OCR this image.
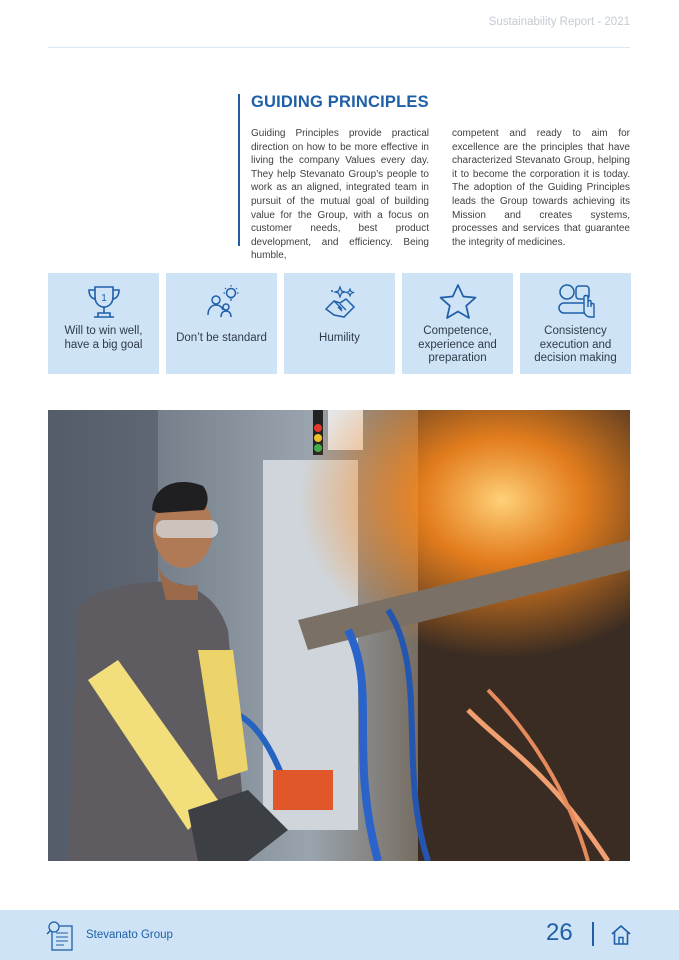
Sustainability Report - 2021
GUIDING PRINCIPLES
Guiding Principles provide practical direction on how to be more effective in living the company Values every day. They help Stevanato Group’s people to work as an aligned, integrated team in pursuit of the mutual goal of building value for the Group, with a focus on customer needs, best product development, and efficiency. Being humble,
competent and ready to aim for excellence are the principles that have characterized Stevanato Group, helping it to become the corporation it is today. The adoption of the Guiding Principles leads the Group towards achieving its Mission and creates systems, processes and services that guarantee the integrity of medicines.
1
Will to win well, have a big goal
Don’t be standard	Humility
Competence, experience and preparation
Consistency execution and decision making
Stevanato Group	26
